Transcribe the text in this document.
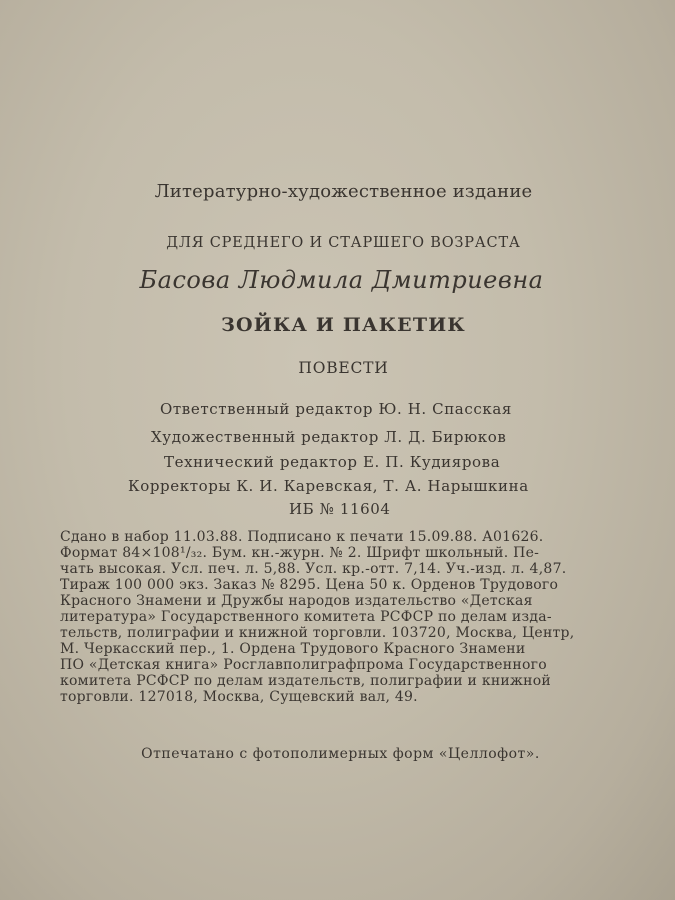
Литературно-художественное издание
ДЛЯ СРЕДНЕГО И СТАРШЕГО ВОЗРАСТА
Басова Людмила Дмитриевна
ЗОЙКА И ПАКЕТИК
ПОВЕСТИ
Ответственный редактор Ю. Н. Спасская
Художественный редактор Л. Д. Бирюков
Технический редактор Е. П. Кудиярова
Корректоры К. И. Каревская, Т. А. Нарышкина
ИБ № 11604
Сдано в набор 11.03.88. Подписано к печати 15.09.88. А01626.
Формат 84×108¹/₃₂. Бум. кн.-журн. № 2. Шрифт школьный. Пе-
чать высокая. Усл. печ. л. 5,88. Усл. кр.-отт. 7,14. Уч.-изд. л. 4,87.
Тираж 100 000 экз. Заказ № 8295. Цена 50 к. Орденов Трудового
Красного Знамени и Дружбы народов издательство «Детская
литература» Государственного комитета РСФСР по делам изда-
тельств, полиграфии и книжной торговли. 103720, Москва, Центр,
М. Черкасский пер., 1. Ордена Трудового Красного Знамени
ПО «Детская книга» Росглавполиграфпрома Государственного
комитета РСФСР по делам издательств, полиграфии и книжной
торговли. 127018, Москва, Сущевский вал, 49.
Отпечатано с фотополимерных форм «Целлофот».
